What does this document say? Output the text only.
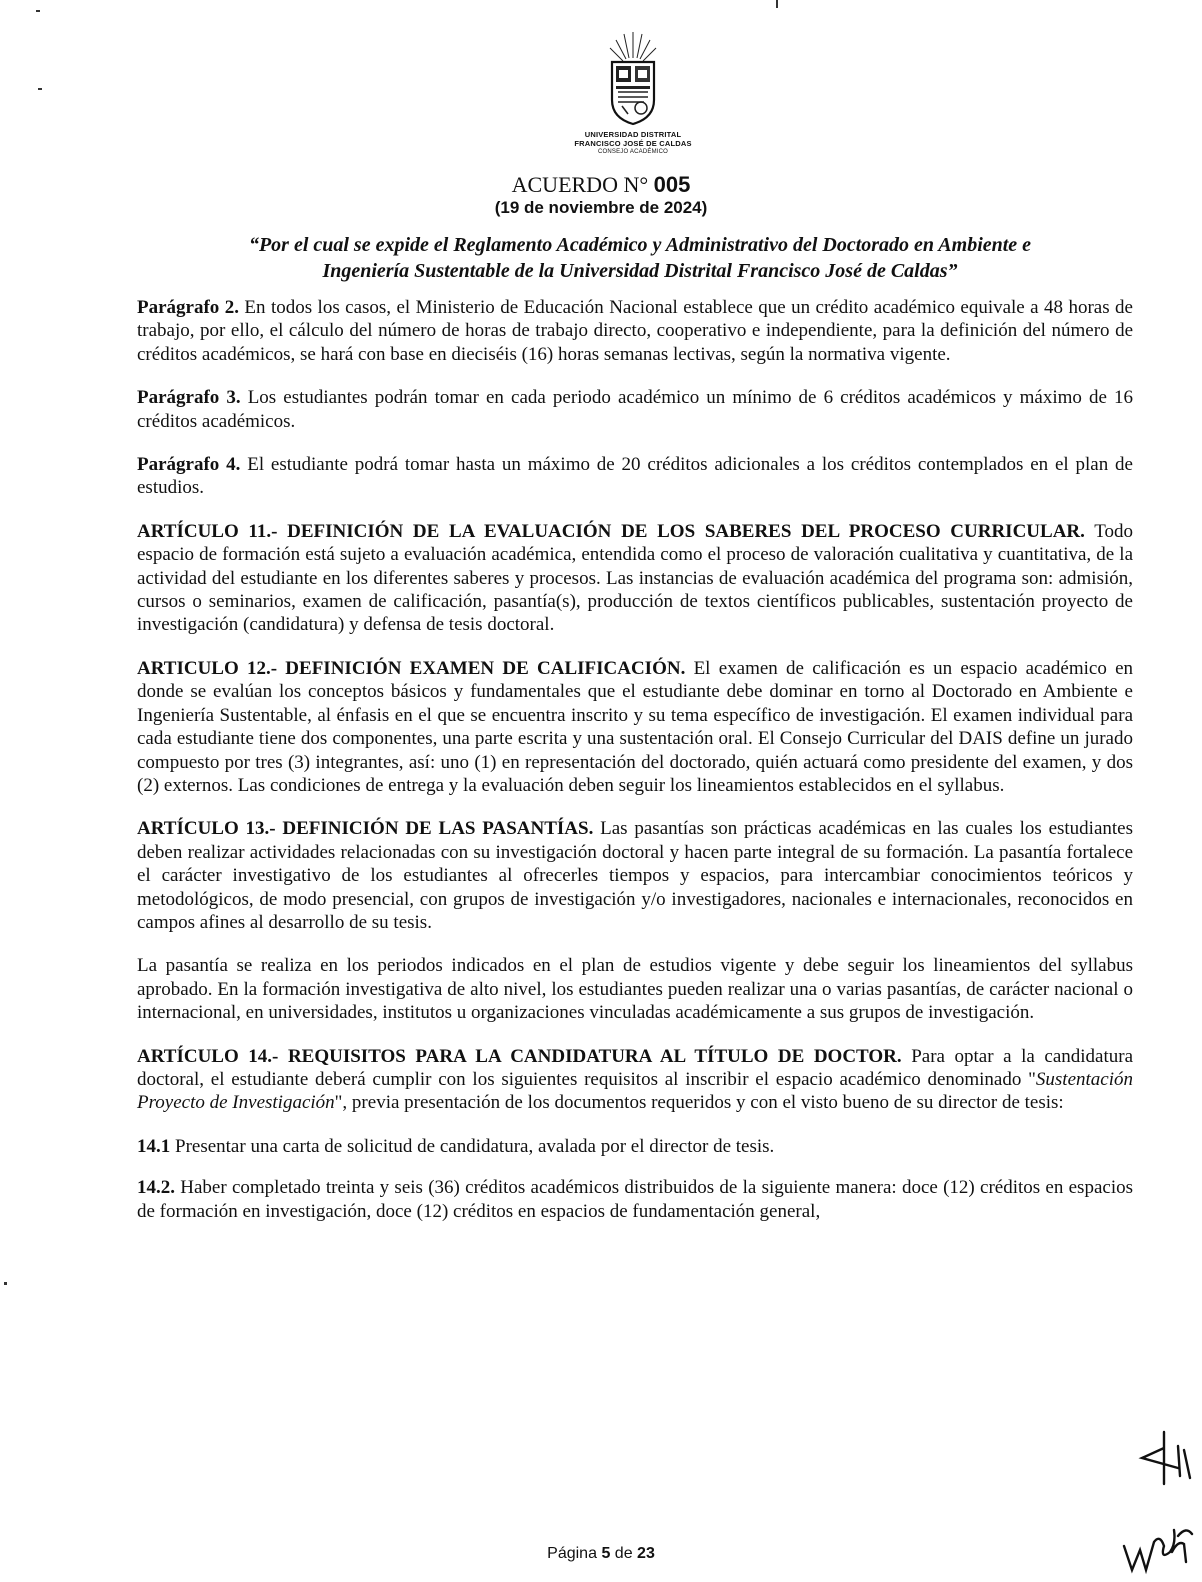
UNIVERSIDAD DISTRITAL
FRANCISCO JOSÉ DE CALDAS
CONSEJO ACADÉMICO
ACUERDO N° 005
(19 de noviembre de 2024)
“Por el cual se expide el Reglamento Académico y Administrativo del Doctorado en Ambiente e
Ingeniería Sustentable de la Universidad Distrital Francisco José de Caldas”

Parágrafo 2. En todos los casos, el Ministerio de Educación Nacional establece que un crédito académico equivale a 48 horas de trabajo, por ello, el cálculo del número de horas de trabajo directo, cooperativo e independiente, para la definición del número de créditos académicos, se hará con base en dieciséis (16) horas semanas lectivas, según la normativa vigente.

Parágrafo 3. Los estudiantes podrán tomar en cada periodo académico un mínimo de 6 créditos académicos y máximo de 16 créditos académicos.

Parágrafo 4. El estudiante podrá tomar hasta un máximo de 20 créditos adicionales a los créditos contemplados en el plan de estudios.

ARTÍCULO 11.- DEFINICIÓN DE LA EVALUACIÓN DE LOS SABERES DEL PROCESO CURRICULAR. Todo espacio de formación está sujeto a evaluación académica, entendida como el proceso de valoración cualitativa y cuantitativa, de la actividad del estudiante en los diferentes saberes y procesos. Las instancias de evaluación académica del programa son: admisión, cursos o seminarios, examen de calificación, pasantía(s), producción de textos científicos publicables, sustentación proyecto de investigación (candidatura) y defensa de tesis doctoral.

ARTICULO 12.- DEFINICIÓN EXAMEN DE CALIFICACIÓN. El examen de calificación es un espacio académico en donde se evalúan los conceptos básicos y fundamentales que el estudiante debe dominar en torno al Doctorado en Ambiente e Ingeniería Sustentable, al énfasis en el que se encuentra inscrito y su tema específico de investigación. El examen individual para cada estudiante tiene dos componentes, una parte escrita y una sustentación oral. El Consejo Curricular del DAIS define un jurado compuesto por tres (3) integrantes, así: uno (1) en representación del doctorado, quién actuará como presidente del examen, y dos (2) externos. Las condiciones de entrega y la evaluación deben seguir los lineamientos establecidos en el syllabus.

ARTÍCULO 13.- DEFINICIÓN DE LAS PASANTÍAS. Las pasantías son prácticas académicas en las cuales los estudiantes deben realizar actividades relacionadas con su investigación doctoral y hacen parte integral de su formación. La pasantía fortalece el carácter investigativo de los estudiantes al ofrecerles tiempos y espacios, para intercambiar conocimientos teóricos y metodológicos, de modo presencial, con grupos de investigación y/o investigadores, nacionales e internacionales, reconocidos en campos afines al desarrollo de su tesis.

La pasantía se realiza en los periodos indicados en el plan de estudios vigente y debe seguir los lineamientos del syllabus aprobado. En la formación investigativa de alto nivel, los estudiantes pueden realizar una o varias pasantías, de carácter nacional o internacional, en universidades, institutos u organizaciones vinculadas académicamente a sus grupos de investigación.

ARTÍCULO 14.- REQUISITOS PARA LA CANDIDATURA AL TÍTULO DE DOCTOR. Para optar a la candidatura doctoral, el estudiante deberá cumplir con los siguientes requisitos al inscribir el espacio académico denominado "Sustentación Proyecto de Investigación", previa presentación de los documentos requeridos y con el visto bueno de su director de tesis:

14.1 Presentar una carta de solicitud de candidatura, avalada por el director de tesis.

14.2. Haber completado treinta y seis (36) créditos académicos distribuidos de la siguiente manera: doce (12) créditos en espacios de formación en investigación, doce (12) créditos en espacios de fundamentación general,

Página 5 de 23
